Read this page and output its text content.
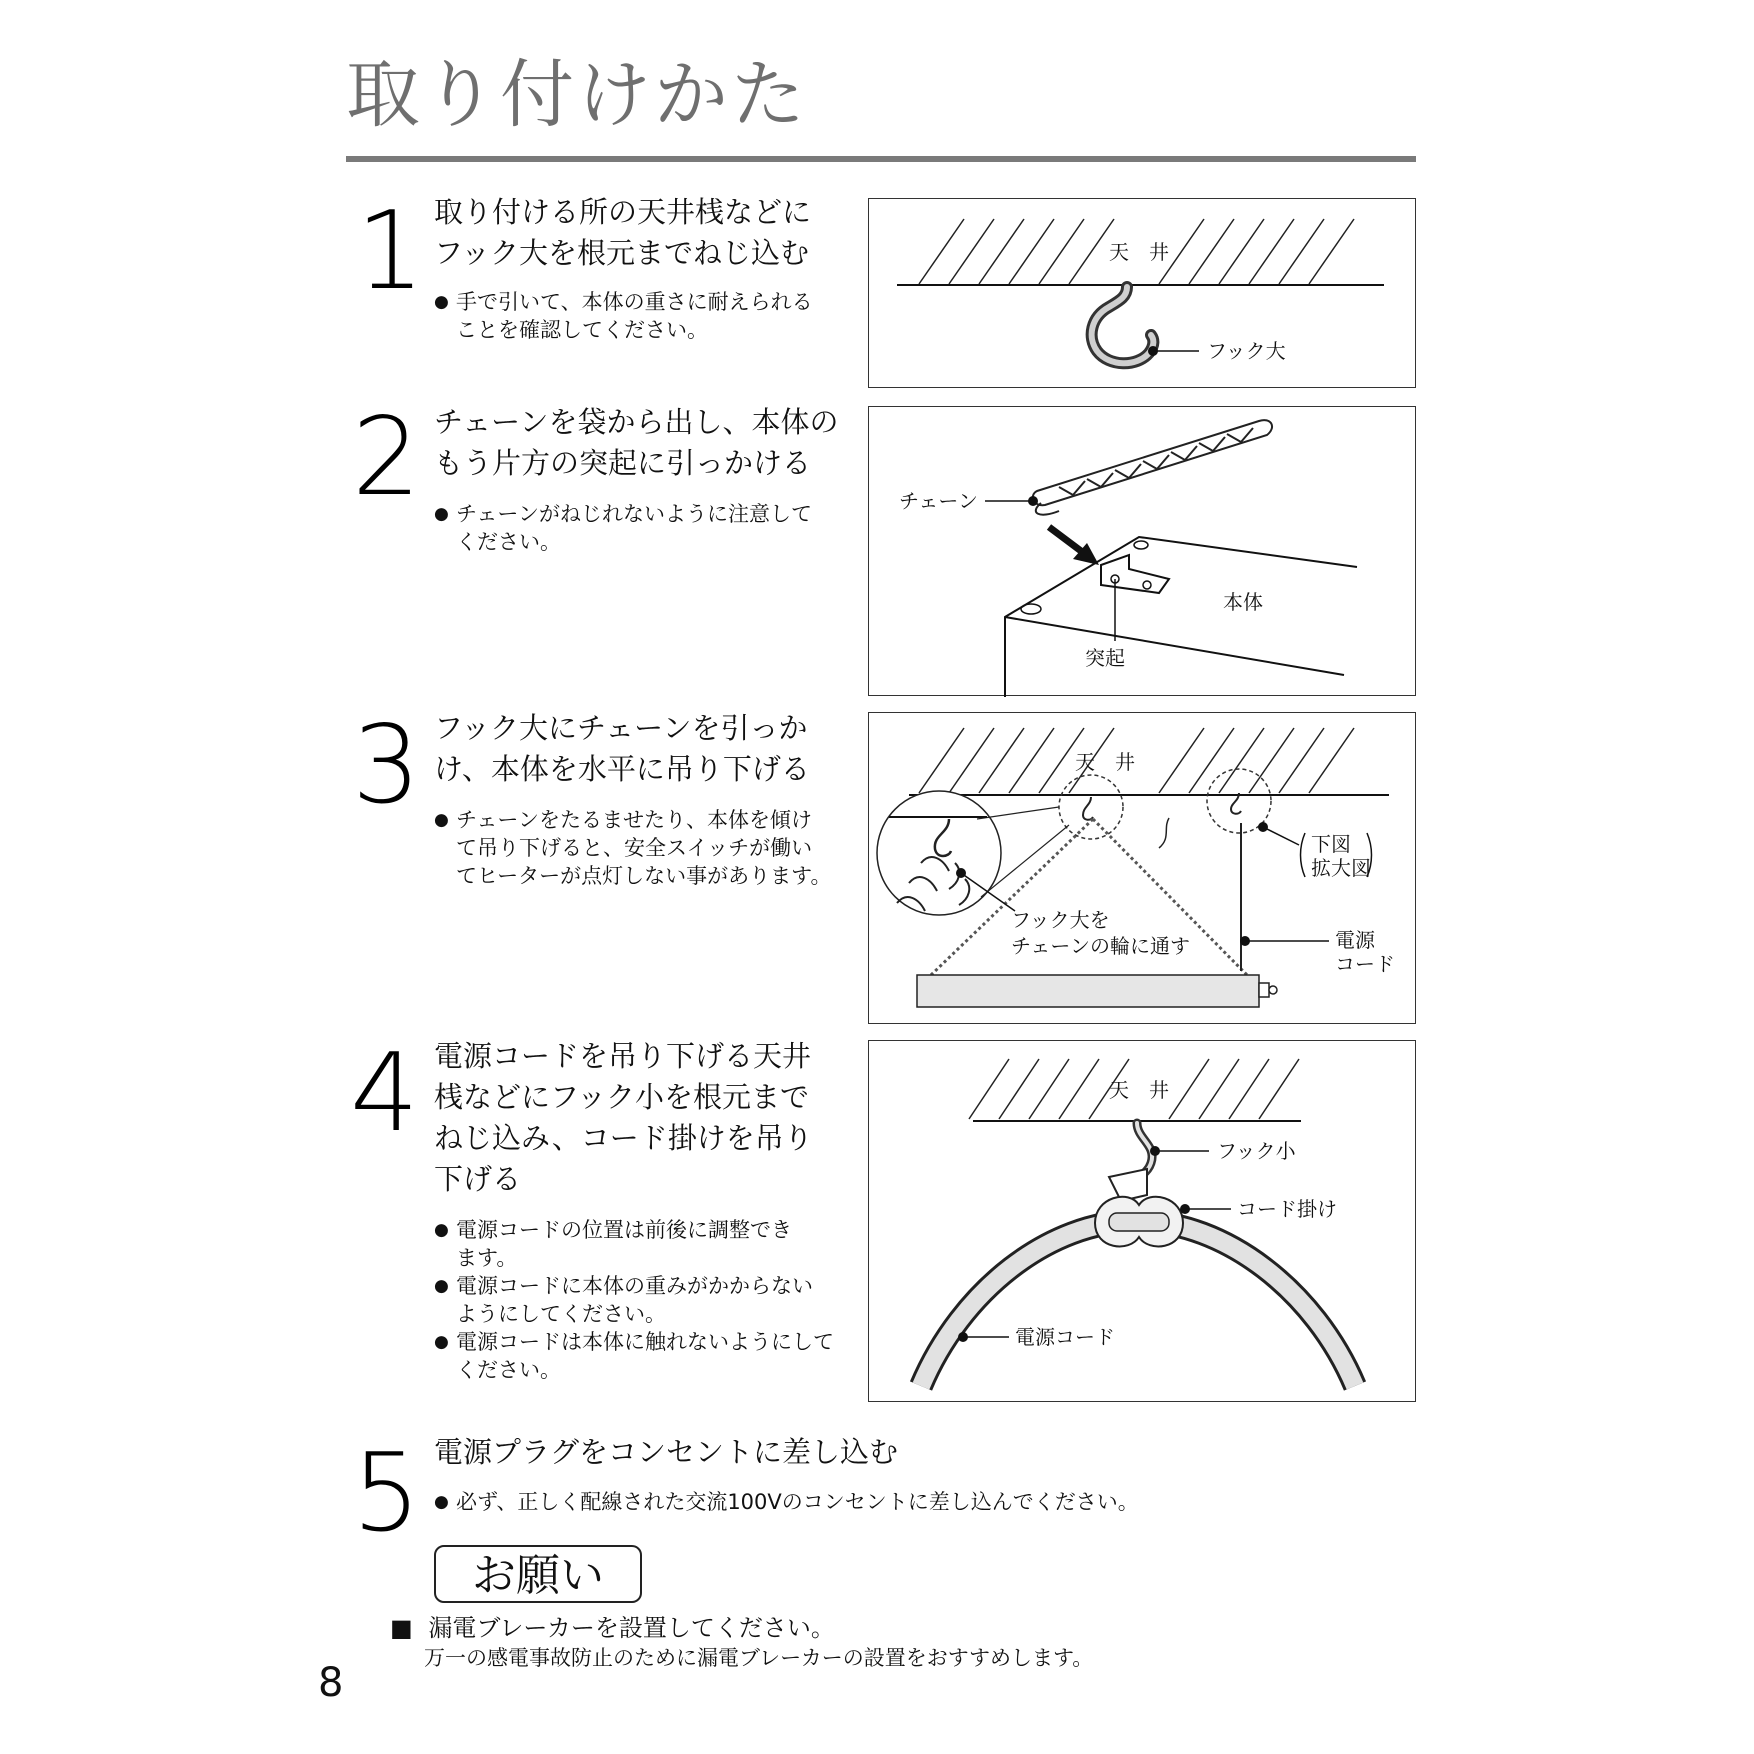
取り付けかた
1 取り付ける所の天井桟などに
フック大を根元までねじ込む
● 手で引いて、本体の重さに耐えられる
ことを確認してください。
天　井
フック大
2 チェーンを袋から出し、本体の
もう片方の突起に引っかける
● チェーンがねじれないように注意して
ください。
チェーン
本体
突起
3 フック大にチェーンを引っか
け、本体を水平に吊り下げる
● チェーンをたるませたり、本体を傾け
て吊り下げると、安全スイッチが働い
てヒーターが点灯しない事があります。
天　井
下図
拡大図
フック大を
チェーンの輪に通す	電源
コード
4 電源コードを吊り下げる天井
桟などにフック小を根元まで
ねじ込み、コード掛けを吊り
下げる
● 電源コードの位置は前後に調整でき
ます。
● 電源コードに本体の重みがかからない
ようにしてください。
● 電源コードは本体に触れないようにして
ください。
天　井
フック小
コード掛け
電源コード
5 電源プラグをコンセントに差し込む
● 必ず、正しく配線された交流100Vのコンセントに差し込んでください。
お願い
■ 漏電ブレーカーを設置してください。
万一の感電事故防止のために漏電ブレーカーの設置をおすすめします。
8
